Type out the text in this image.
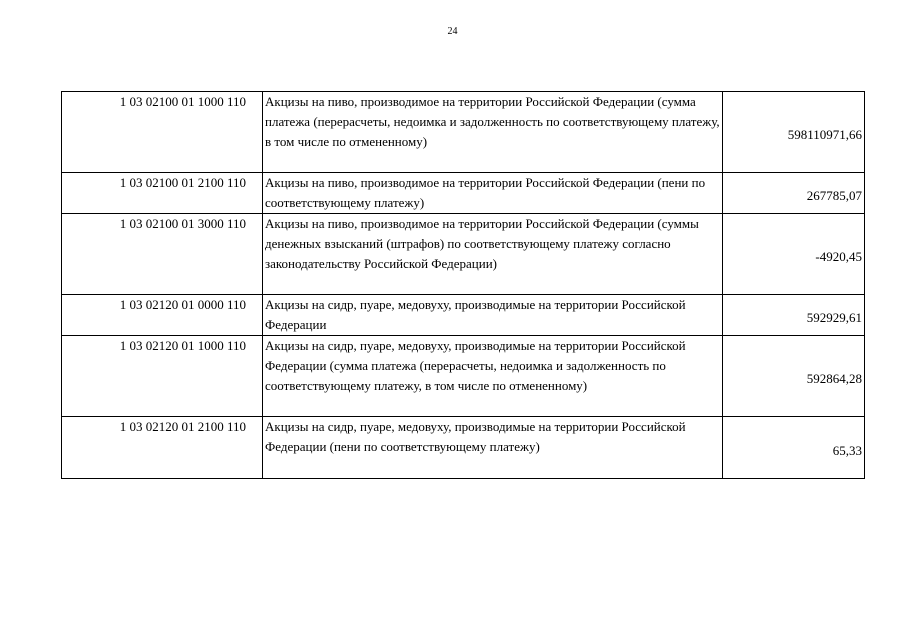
24
1 03 02100 01 1000 110	Акцизы на пиво, производимое на территории Российской Федерации (сумма платежа (перерасчеты, недоимка и задолженность по соответствующему платежу, в том числе по отмененному)	598110971,66
1 03 02100 01 2100 110	Акцизы на пиво, производимое на территории Российской Федерации (пени по соответствующему платежу)	267785,07
1 03 02100 01 3000 110	Акцизы на пиво, производимое на территории Российской Федерации (суммы денежных взысканий (штрафов) по соответствующему платежу согласно законодательству Российской Федерации)	-4920,45
1 03 02120 01 0000 110	Акцизы на сидр, пуаре, медовуху, производимые на территории Российской Федерации	592929,61
1 03 02120 01 1000 110	Акцизы на сидр, пуаре, медовуху, производимые на территории Российской Федерации (сумма платежа (перерасчеты, недоимка и задолженность по соответствующему платежу, в том числе по отмененному)	592864,28
1 03 02120 01 2100 110	Акцизы на сидр, пуаре, медовуху, производимые на территории Российской Федерации (пени по соответствующему платежу)	65,33
